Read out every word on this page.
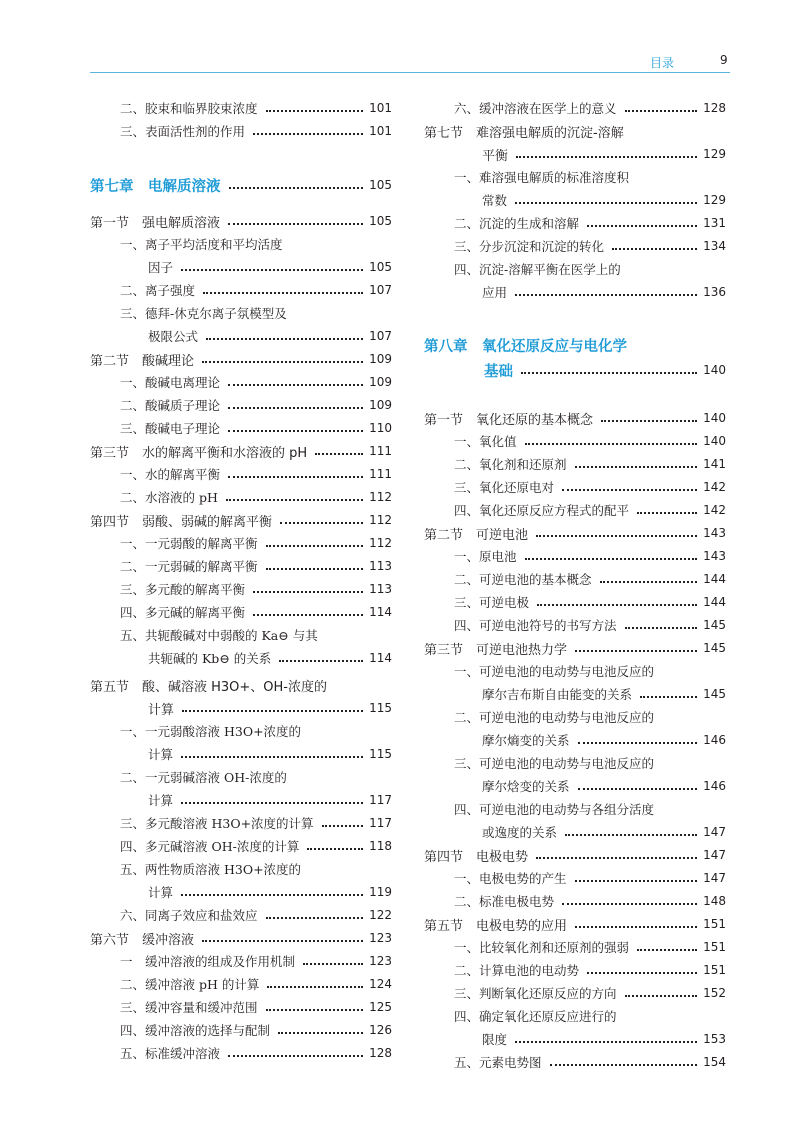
目录	9
二、胶束和临界胶束浓度	101
三、表面活性剂的作用	101
第七章　电解质溶液	105
第一节　强电解质溶液	105
一、离子平均活度和平均活度
因子	105
二、离子强度	107
三、德拜-休克尔离子氛模型及
极限公式	107
第二节　酸碱理论	109
一、酸碱电离理论	109
二、酸碱质子理论	109
三、酸碱电子理论	110
第三节　水的解离平衡和水溶液的 pH	111
一、水的解离平衡	111
二、水溶液的 pH	112
第四节　弱酸、弱碱的解离平衡	112
一、一元弱酸的解离平衡	112
二、一元弱碱的解离平衡	113
三、多元酸的解离平衡	113
四、多元碱的解离平衡	114
五、共轭酸碱对中弱酸的 Ka⊖ 与其
共轭碱的 Kb⊖ 的关系	114
第五节　酸、碱溶液 H3O+、OH-浓度的
计算	115
一、一元弱酸溶液 H3O+浓度的
计算	115
二、一元弱碱溶液 OH-浓度的
计算	117
三、多元酸溶液 H3O+浓度的计算	117
四、多元碱溶液 OH-浓度的计算	118
五、两性物质溶液 H3O+浓度的
计算	119
六、同离子效应和盐效应	122
第六节　缓冲溶液	123
一　缓冲溶液的组成及作用机制	123
二、缓冲溶液 pH 的计算	124
三、缓冲容量和缓冲范围	125
四、缓冲溶液的选择与配制	126
五、标准缓冲溶液	128
六、缓冲溶液在医学上的意义	128
第七节　难溶强电解质的沉淀-溶解
平衡	129
一、难溶强电解质的标准溶度积
常数	129
二、沉淀的生成和溶解	131
三、分步沉淀和沉淀的转化	134
四、沉淀-溶解平衡在医学上的
应用	136
第八章　氧化还原反应与电化学
基础	140
第一节　氧化还原的基本概念	140
一、氧化值	140
二、氧化剂和还原剂	141
三、氧化还原电对	142
四、氧化还原反应方程式的配平	142
第二节　可逆电池	143
一、原电池	143
二、可逆电池的基本概念	144
三、可逆电极	144
四、可逆电池符号的书写方法	145
第三节　可逆电池热力学	145
一、可逆电池的电动势与电池反应的
摩尔吉布斯自由能变的关系	145
二、可逆电池的电动势与电池反应的
摩尔熵变的关系	146
三、可逆电池的电动势与电池反应的
摩尔焓变的关系	146
四、可逆电池的电动势与各组分活度
或逸度的关系	147
第四节　电极电势	147
一、电极电势的产生	147
二、标准电极电势	148
第五节　电极电势的应用	151
一、比较氧化剂和还原剂的强弱	151
二、计算电池的电动势	151
三、判断氧化还原反应的方向	152
四、确定氧化还原反应进行的
限度	153
五、元素电势图	154
